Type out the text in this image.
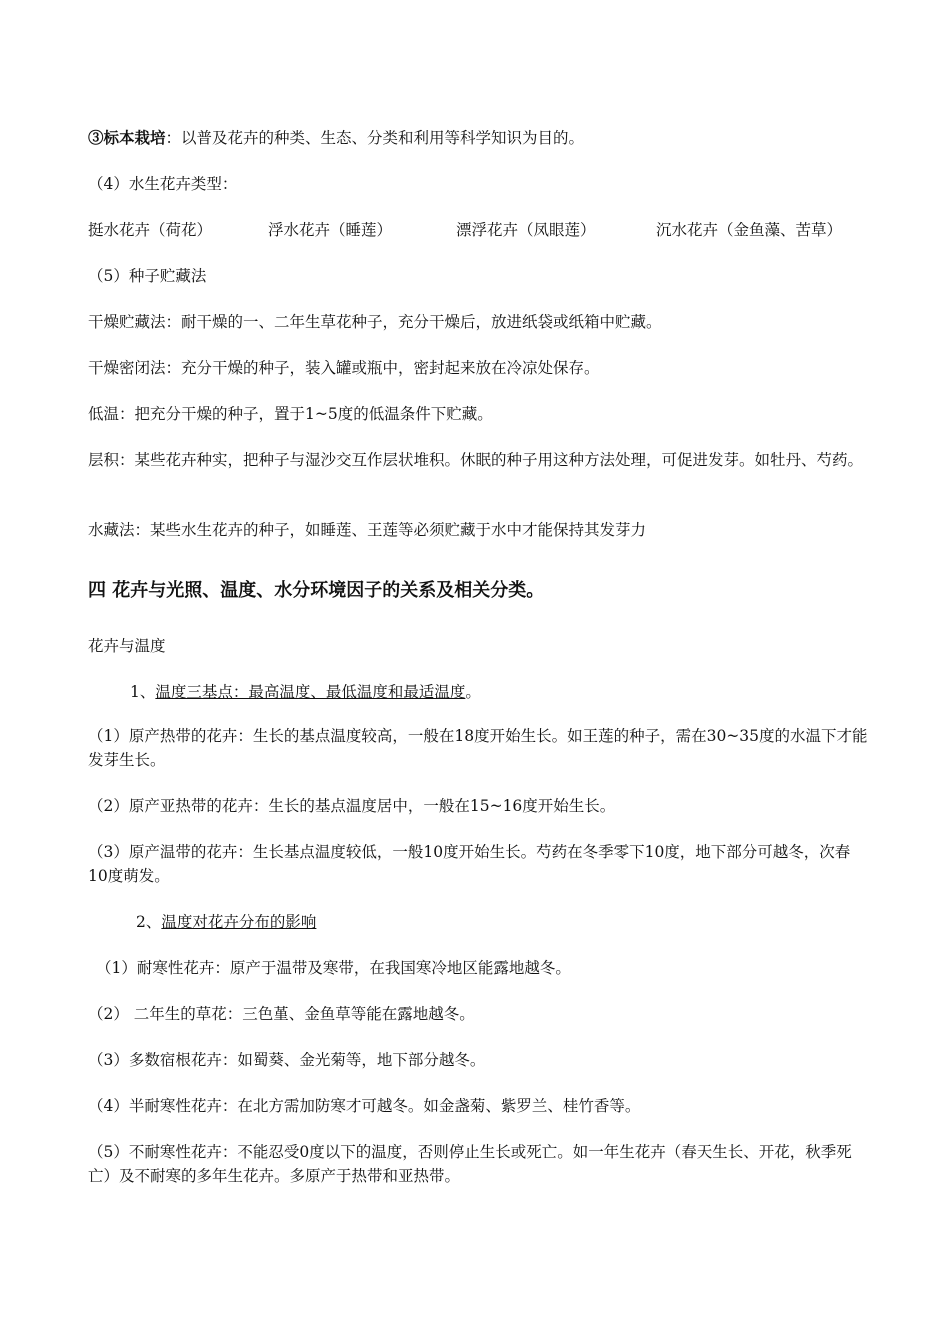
③标本栽培：以普及花卉的种类、生态、分类和利用等科学知识为目的。
（4）水生花卉类型：
挺水花卉（荷花）	浮水花卉（睡莲）	漂浮花卉（凤眼莲）	沉水花卉（金鱼藻、苦草）
（5）种子贮藏法
干燥贮藏法：耐干燥的一、二年生草花种子，充分干燥后，放进纸袋或纸箱中贮藏。
干燥密闭法：充分干燥的种子，装入罐或瓶中，密封起来放在冷凉处保存。
低温：把充分干燥的种子，置于1~5度的低温条件下贮藏。
层积：某些花卉种实，把种子与湿沙交互作层状堆积。休眠的种子用这种方法处理，可促进发芽。如牡丹、芍药。
水藏法：某些水生花卉的种子，如睡莲、王莲等必须贮藏于水中才能保持其发芽力
四 花卉与光照、温度、水分环境因子的关系及相关分类。
花卉与温度
1、温度三基点：最高温度、最低温度和最适温度。
（1）原产热带的花卉：生长的基点温度较高，一般在18度开始生长。如王莲的种子，需在30~35度的水温下才能发芽生长。
（2）原产亚热带的花卉：生长的基点温度居中，一般在15~16度开始生长。
（3）原产温带的花卉：生长基点温度较低，一般10度开始生长。芍药在冬季零下10度，地下部分可越冬，次春10度萌发。
2、温度对花卉分布的影响
（1）耐寒性花卉：原产于温带及寒带，在我国寒冷地区能露地越冬。
（2） 二年生的草花：三色堇、金鱼草等能在露地越冬。
（3）多数宿根花卉：如蜀葵、金光菊等，地下部分越冬。
（4）半耐寒性花卉：在北方需加防寒才可越冬。如金盏菊、紫罗兰、桂竹香等。
（5）不耐寒性花卉：不能忍受0度以下的温度，否则停止生长或死亡。如一年生花卉（春天生长、开花，秋季死亡）及不耐寒的多年生花卉。多原产于热带和亚热带。
